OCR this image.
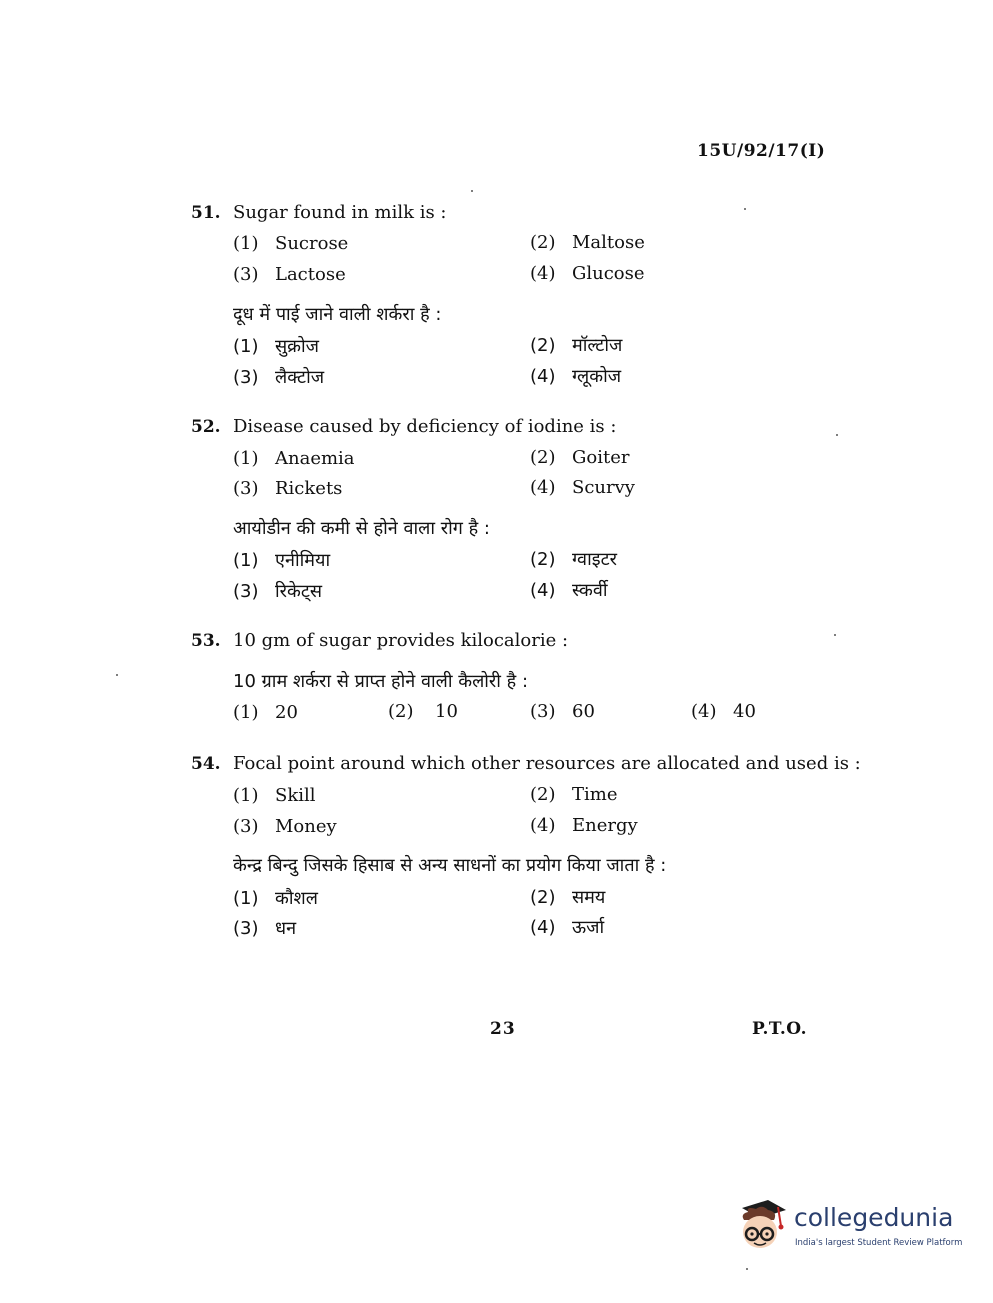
15U/92/17(I)
51. Sugar found in milk is :
(1) Sucrose	(2) Maltose
(3) Lactose	(4) Glucose
दूध में पाई जाने वाली शर्करा है :
(1) सुक्रोज	(2) मॉल्टोज
(3) लैक्टोज	(4) ग्लूकोज
52. Disease caused by deficiency of iodine is :
(1) Anaemia	(2) Goiter
(3) Rickets	(4) Scurvy
आयोडीन की कमी से होने वाला रोग है :
(1) एनीमिया	(2) ग्वाइटर
(3) रिकेट्स	(4) स्कर्वी
53. 10 gm of sugar provides kilocalorie :
10 ग्राम शर्करा से प्राप्त होने वाली कैलोरी है :
(1) 20	(2) 10	(3) 60	(4) 40
54. Focal point around which other resources are allocated and used is :
(1) Skill	(2) Time
(3) Money	(4) Energy
केन्द्र बिन्दु जिसके हिसाब से अन्य साधनों का प्रयोग किया जाता है :
(1) कौशल	(2) समय
(3) धन	(4) ऊर्जा
23	P.T.O.
collegedunia
India's largest Student Review Platform
